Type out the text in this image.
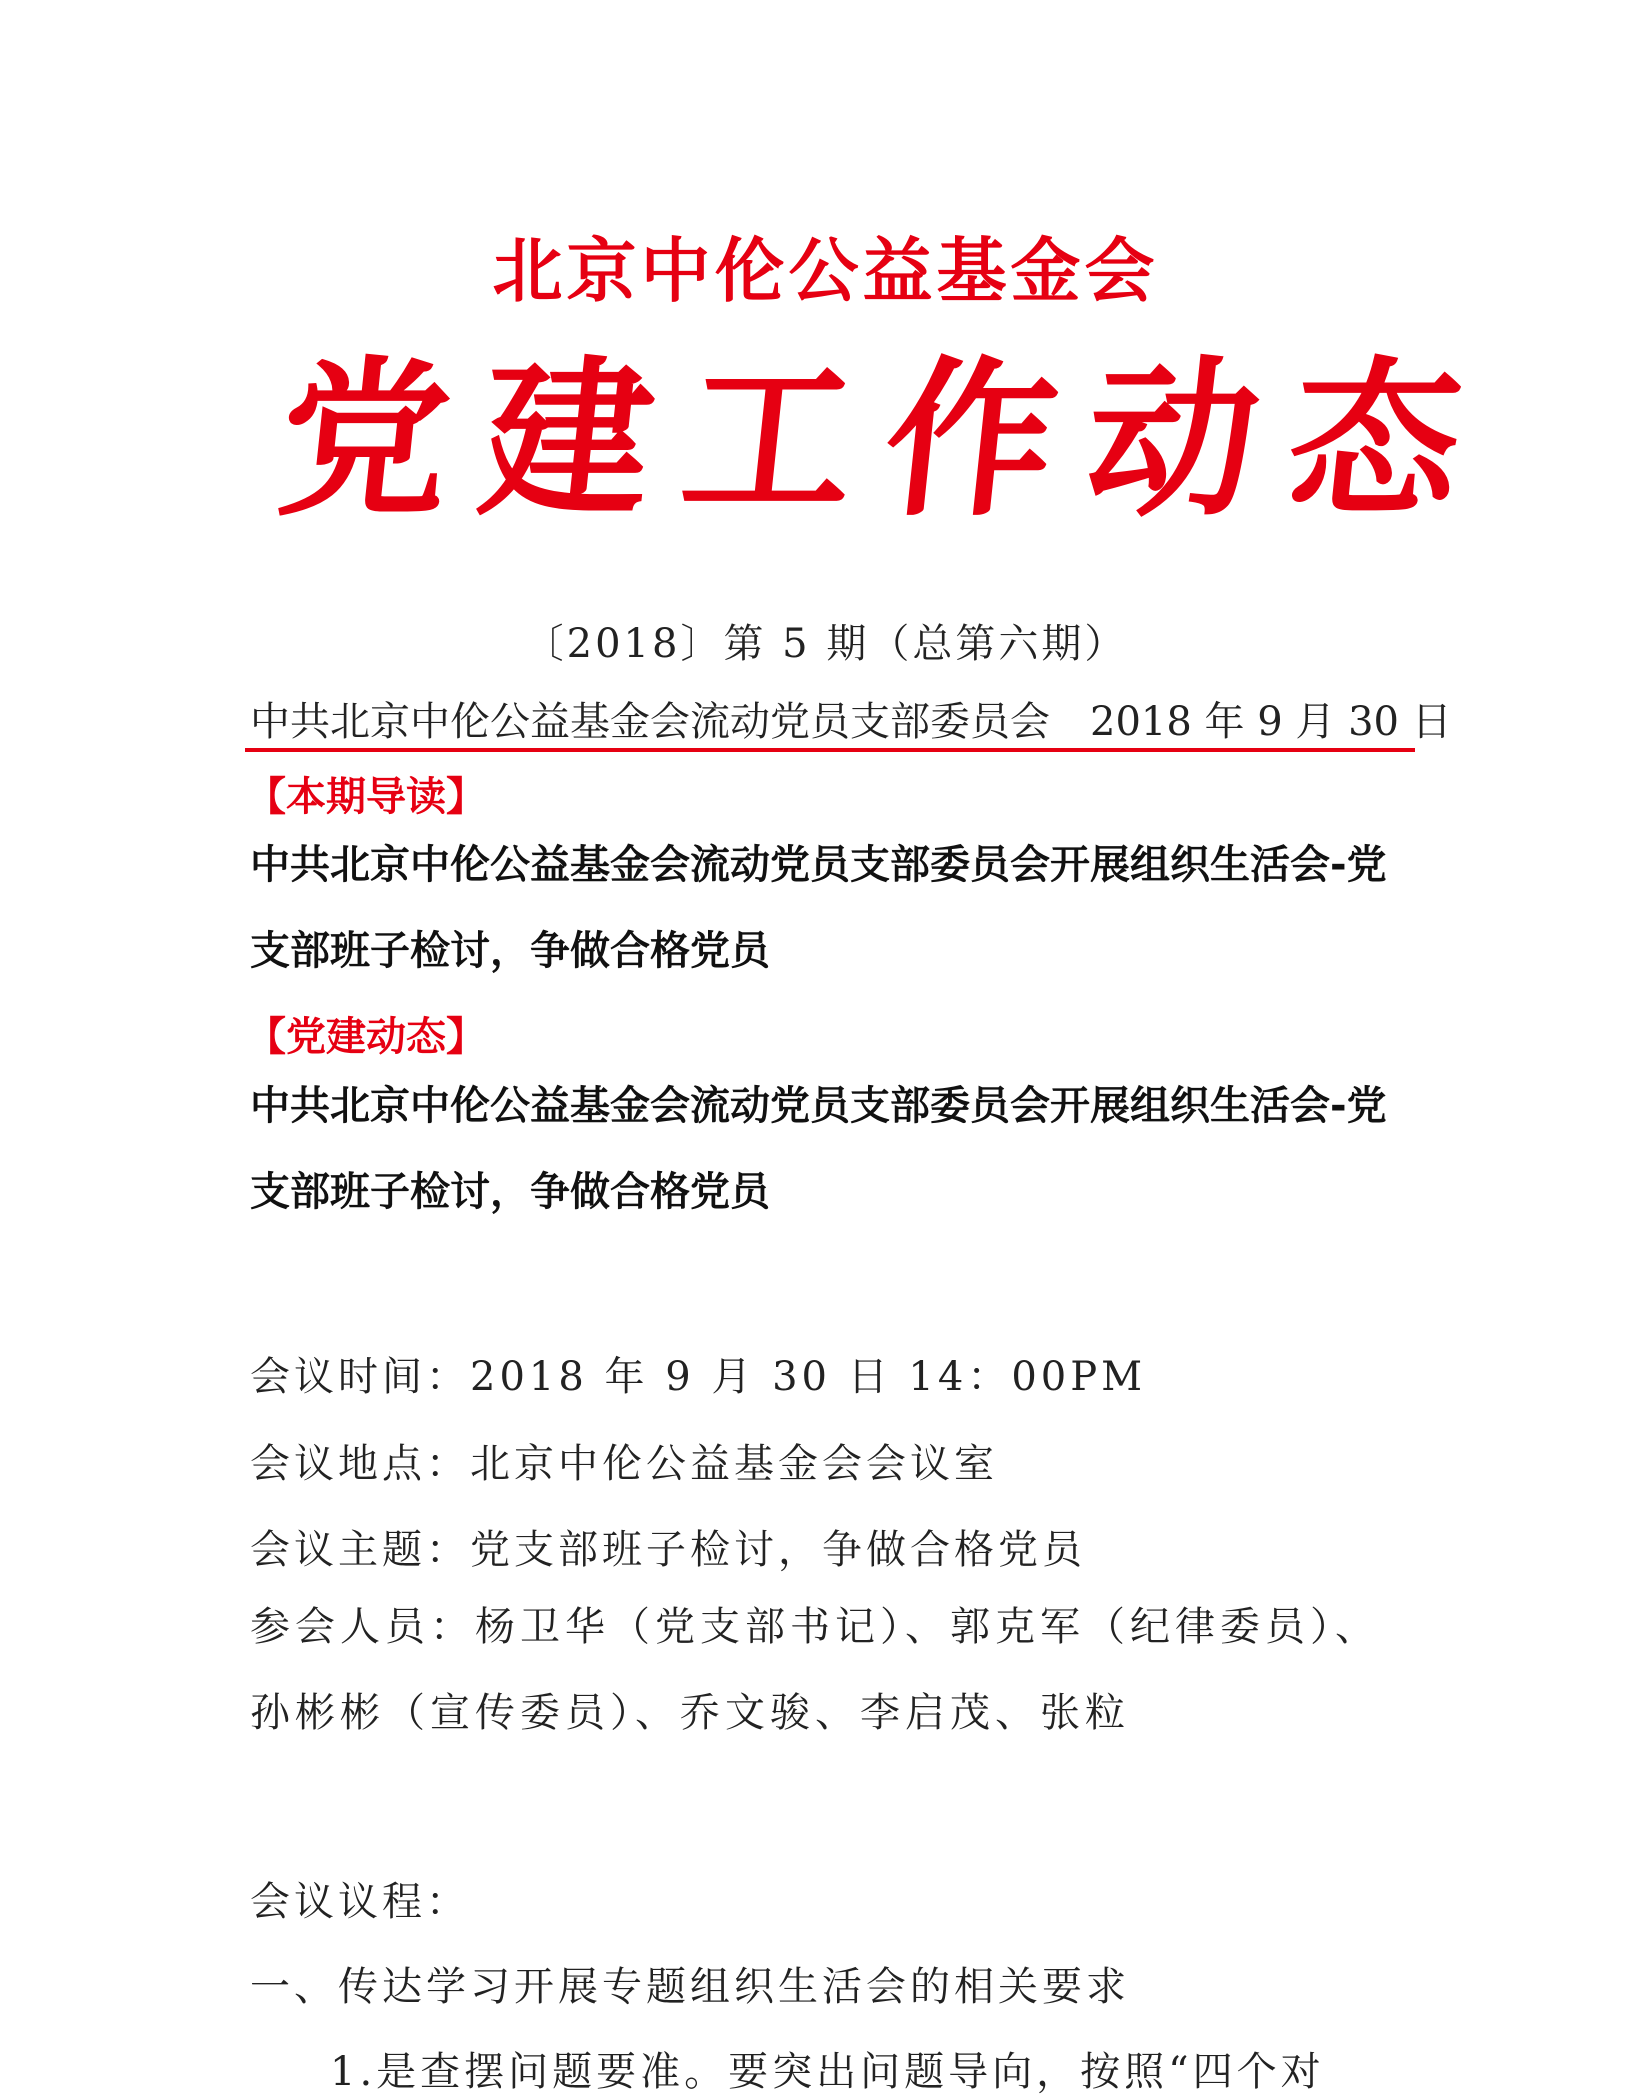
北京中伦公益基金会
党 建 工 作 动 态
〔2018〕第 5 期（总第六期）
中共北京中伦公益基金会流动党员支部委员会 2018 年 9 月 30 日
【本期导读】

中共北京中伦公益基金会流动党员支部委员会开展组织生活会-党支部班子检讨，争做合格党员

【党建动态】

中共北京中伦公益基金会流动党员支部委员会开展组织生活会-党支部班子检讨，争做合格党员

会议时间：2018 年 9 月 30 日 14：00PM

会议地点：北京中伦公益基金会会议室

会议主题：党支部班子检讨，争做合格党员

参会人员：杨卫华（党支部书记）、郭克军（纪律委员）、孙彬彬（宣传委员）、乔文骏、李启茂、张粒

会议议程：

一、传达学习开展专题组织生活会的相关要求

1.是查摆问题要准。要突出问题导向，按照“四个对
